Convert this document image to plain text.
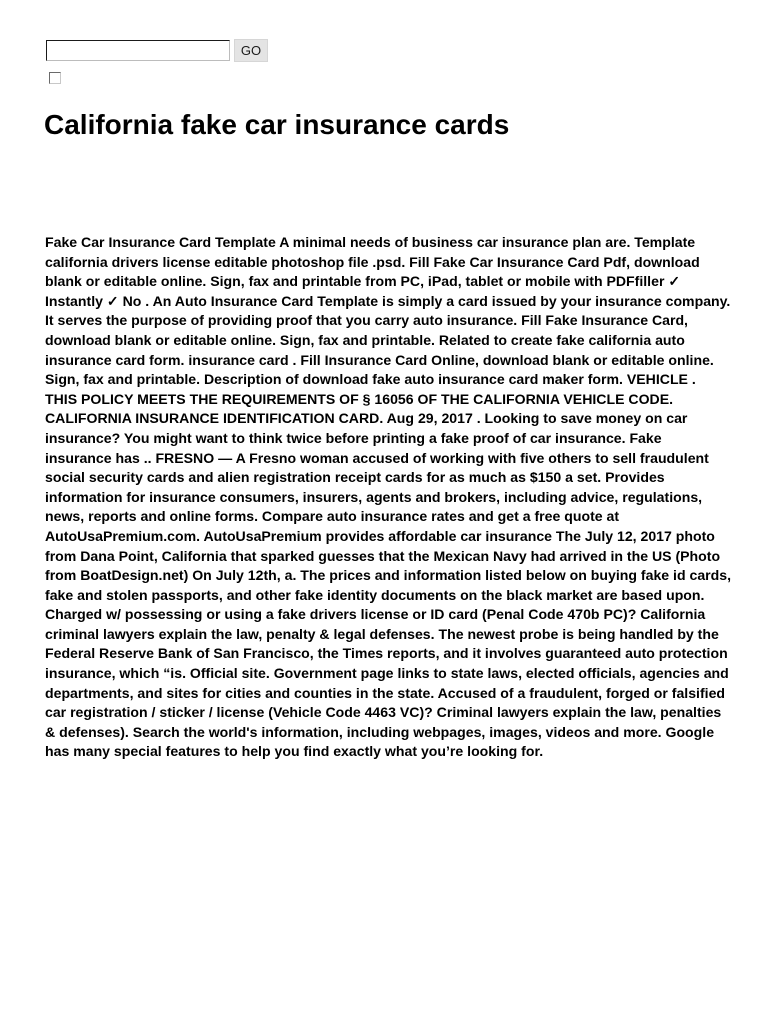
GO
California fake car insurance cards

Fake Car Insurance Card Template A minimal needs of business car insurance plan are. Template california drivers license editable photoshop file .psd. Fill Fake Car Insurance Card Pdf, download blank or editable online. Sign, fax and printable from PC, iPad, tablet or mobile with PDFfiller ✓ Instantly ✓ No . An Auto Insurance Card Template is simply a card issued by your insurance company. It serves the purpose of providing proof that you carry auto insurance. Fill Fake Insurance Card, download blank or editable online. Sign, fax and printable. Related to create fake california auto insurance card form. insurance card . Fill Insurance Card Online, download blank or editable online. Sign, fax and printable. Description of download fake auto insurance card maker form. VEHICLE . THIS POLICY MEETS THE REQUIREMENTS OF § 16056 OF THE CALIFORNIA VEHICLE CODE. CALIFORNIA INSURANCE IDENTIFICATION CARD. Aug 29, 2017 . Looking to save money on car insurance? You might want to think twice before printing a fake proof of car insurance. Fake insurance has .. FRESNO — A Fresno woman accused of working with five others to sell fraudulent social security cards and alien registration receipt cards for as much as $150 a set. Provides information for insurance consumers, insurers, agents and brokers, including advice, regulations, news, reports and online forms. Compare auto insurance rates and get a free quote at AutoUsaPremium.com. AutoUsaPremium provides affordable car insurance The July 12, 2017 photo from Dana Point, California that sparked guesses that the Mexican Navy had arrived in the US (Photo from BoatDesign.net) On July 12th, a. The prices and information listed below on buying fake id cards, fake and stolen passports, and other fake identity documents on the black market are based upon. Charged w/ possessing or using a fake drivers license or ID card (Penal Code 470b PC)? California criminal lawyers explain the law, penalty & legal defenses. The newest probe is being handled by the Federal Reserve Bank of San Francisco, the Times reports, and it involves guaranteed auto protection insurance, which “is. Official site. Government page links to state laws, elected officials, agencies and departments, and sites for cities and counties in the state. Accused of a fraudulent, forged or falsified car registration / sticker / license (Vehicle Code 4463 VC)? Criminal lawyers explain the law, penalties & defenses). Search the world's information, including webpages, images, videos and more. Google has many special features to help you find exactly what you’re looking for.
